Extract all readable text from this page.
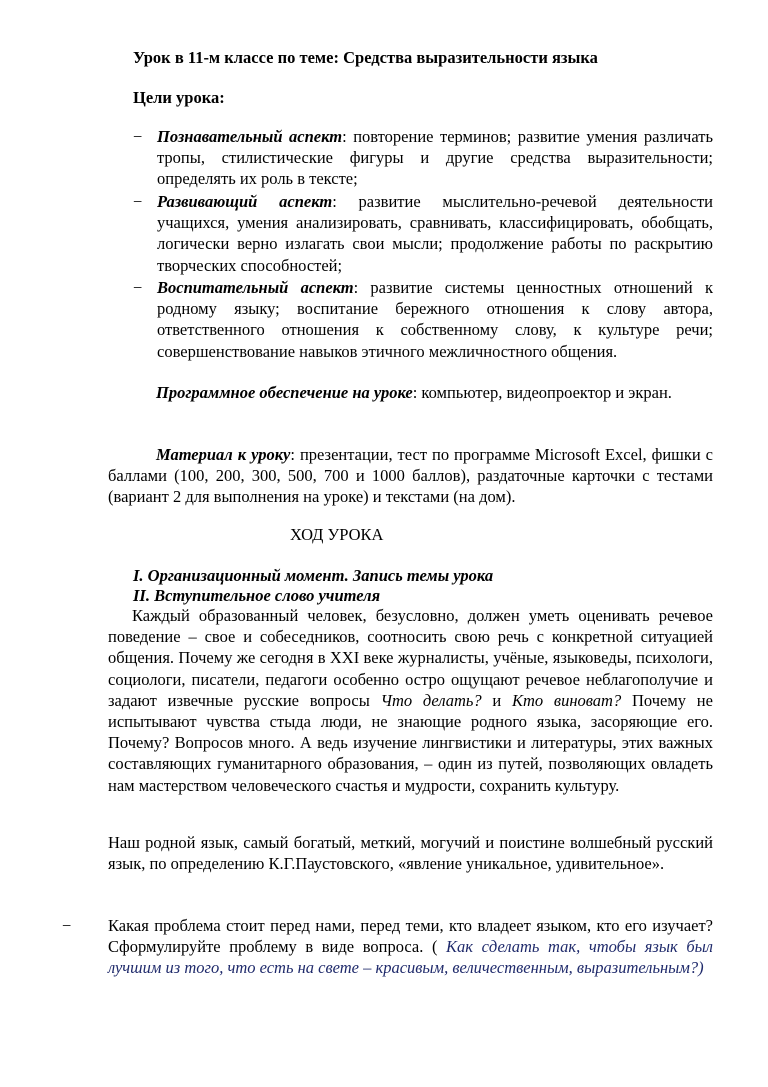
Урок в 11-м классе по теме: Средства выразительности языка
Цели урока:
− Познавательный аспект: повторение терминов; развитие умения различать тропы, стилистические фигуры и другие средства выразительности; определять их роль в тексте;
− Развивающий аспект: развитие мыслительно-речевой деятельности учащихся, умения анализировать, сравнивать, классифицировать, обобщать, логически верно излагать свои мысли; продолжение работы по раскрытию творческих способностей;
− Воспитательный аспект: развитие системы ценностных отношений к родному языку; воспитание бережного отношения к слову автора, ответственного отношения к собственному слову, к культуре речи; совершенствование навыков этичного межличностного общения.
Программное обеспечение на уроке: компьютер, видеопроектор и экран.
Материал к уроку: презентации, тест по программе Microsoft Excel, фишки с баллами (100, 200, 300, 500, 700 и 1000 баллов), раздаточные карточки с тестами (вариант 2 для выполнения на уроке) и текстами (на дом).
ХОД УРОКА
I. Организационный момент. Запись темы урока
II. Вступительное слово учителя
Каждый образованный человек, безусловно, должен уметь оценивать речевое поведение – свое и собеседников, соотносить свою речь с конкретной ситуацией общения. Почему же сегодня в XXI веке журналисты, учёные, языковеды, психологи, социологи, писатели, педагоги особенно остро ощущают речевое неблагополучие и задают извечные русские вопросы Что делать? и Кто виноват? Почему не испытывают чувства стыда люди, не знающие родного языка, засоряющие его. Почему? Вопросов много. А ведь изучение лингвистики и литературы, этих важных составляющих гуманитарного образования, – один из путей, позволяющих овладеть нам мастерством человеческого счастья и мудрости, сохранить культуру.
Наш родной язык, самый богатый, меткий, могучий и поистине волшебный русский язык, по определению К.Г.Паустовского, «явление уникальное, удивительное».
− Какая проблема стоит перед нами, перед теми, кто владеет языком, кто его изучает? Сформулируйте проблему в виде вопроса. ( Как сделать так, чтобы язык был лучшим из того, что есть на свете – красивым, величественным, выразительным?)
